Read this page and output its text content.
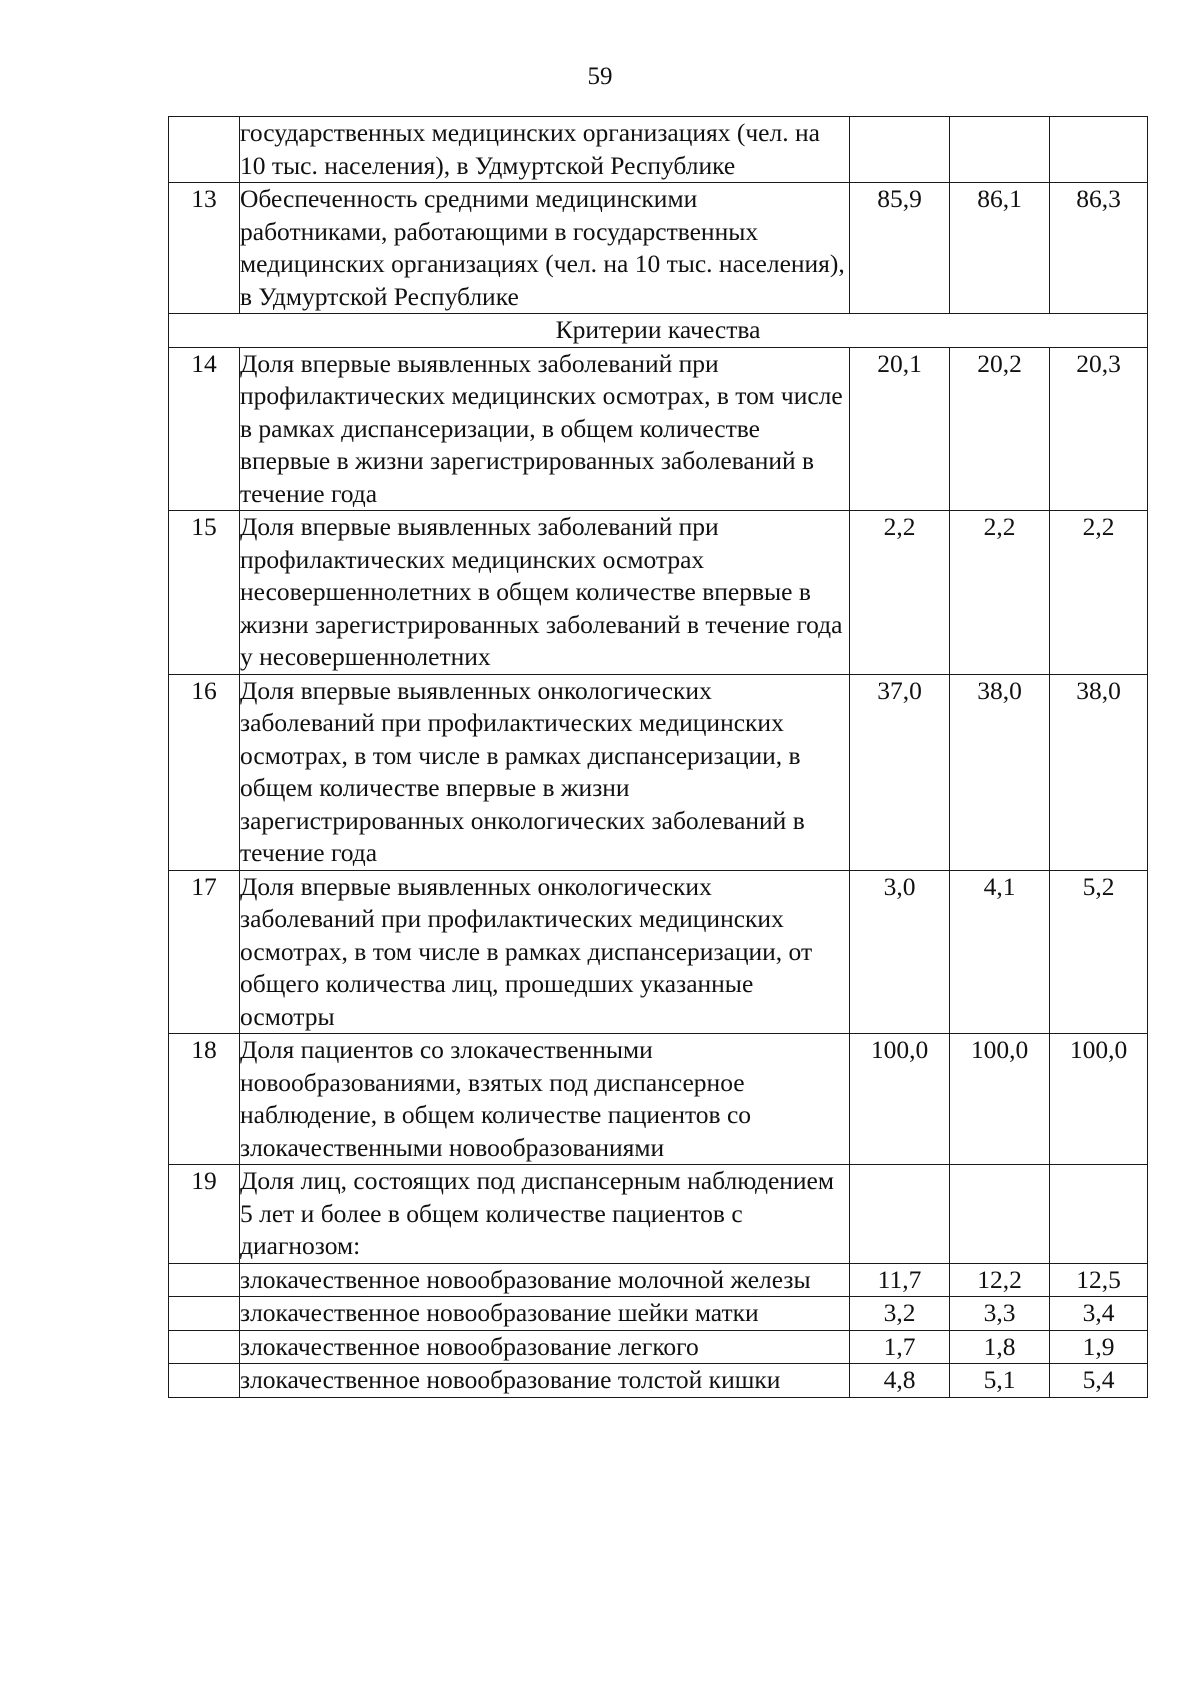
59
	государственных медицинских организациях (чел. на 10 тыс. населения), в Удмуртской Республике			
13	Обеспеченность средними медицинскими работниками, работающими в государственных медицинских организациях (чел. на 10 тыс. населения), в Удмуртской Республике	85,9	86,1	86,3
Критерии качества				
14	Доля впервые выявленных заболеваний при профилактических медицинских осмотрах, в том числе в рамках диспансеризации, в общем количестве впервые в жизни зарегистрированных заболеваний в течение года	20,1	20,2	20,3
15	Доля впервые выявленных заболеваний при профилактических медицинских осмотрах несовершеннолетних в общем количестве впервые в жизни зарегистрированных заболеваний в течение года у несовершеннолетних	2,2	2,2	2,2
16	Доля впервые выявленных онкологических заболеваний при профилактических медицинских осмотрах, в том числе в рамках диспансеризации, в общем количестве впервые в жизни зарегистрированных онкологических заболеваний в течение года	37,0	38,0	38,0
17	Доля впервые выявленных онкологических заболеваний при профилактических медицинских осмотрах, в том числе в рамках диспансеризации, от общего количества лиц, прошедших указанные осмотры	3,0	4,1	5,2
18	Доля пациентов со злокачественными новообразованиями, взятых под диспансерное наблюдение, в общем количестве пациентов со злокачественными новообразованиями	100,0	100,0	100,0
19	Доля лиц, состоящих под диспансерным наблюдением 5 лет и более в общем количестве пациентов с диагнозом:			
	злокачественное новообразование молочной железы	11,7	12,2	12,5
	злокачественное новообразование шейки матки	3,2	3,3	3,4
	злокачественное новообразование легкого	1,7	1,8	1,9
	злокачественное новообразование толстой кишки	4,8	5,1	5,4
